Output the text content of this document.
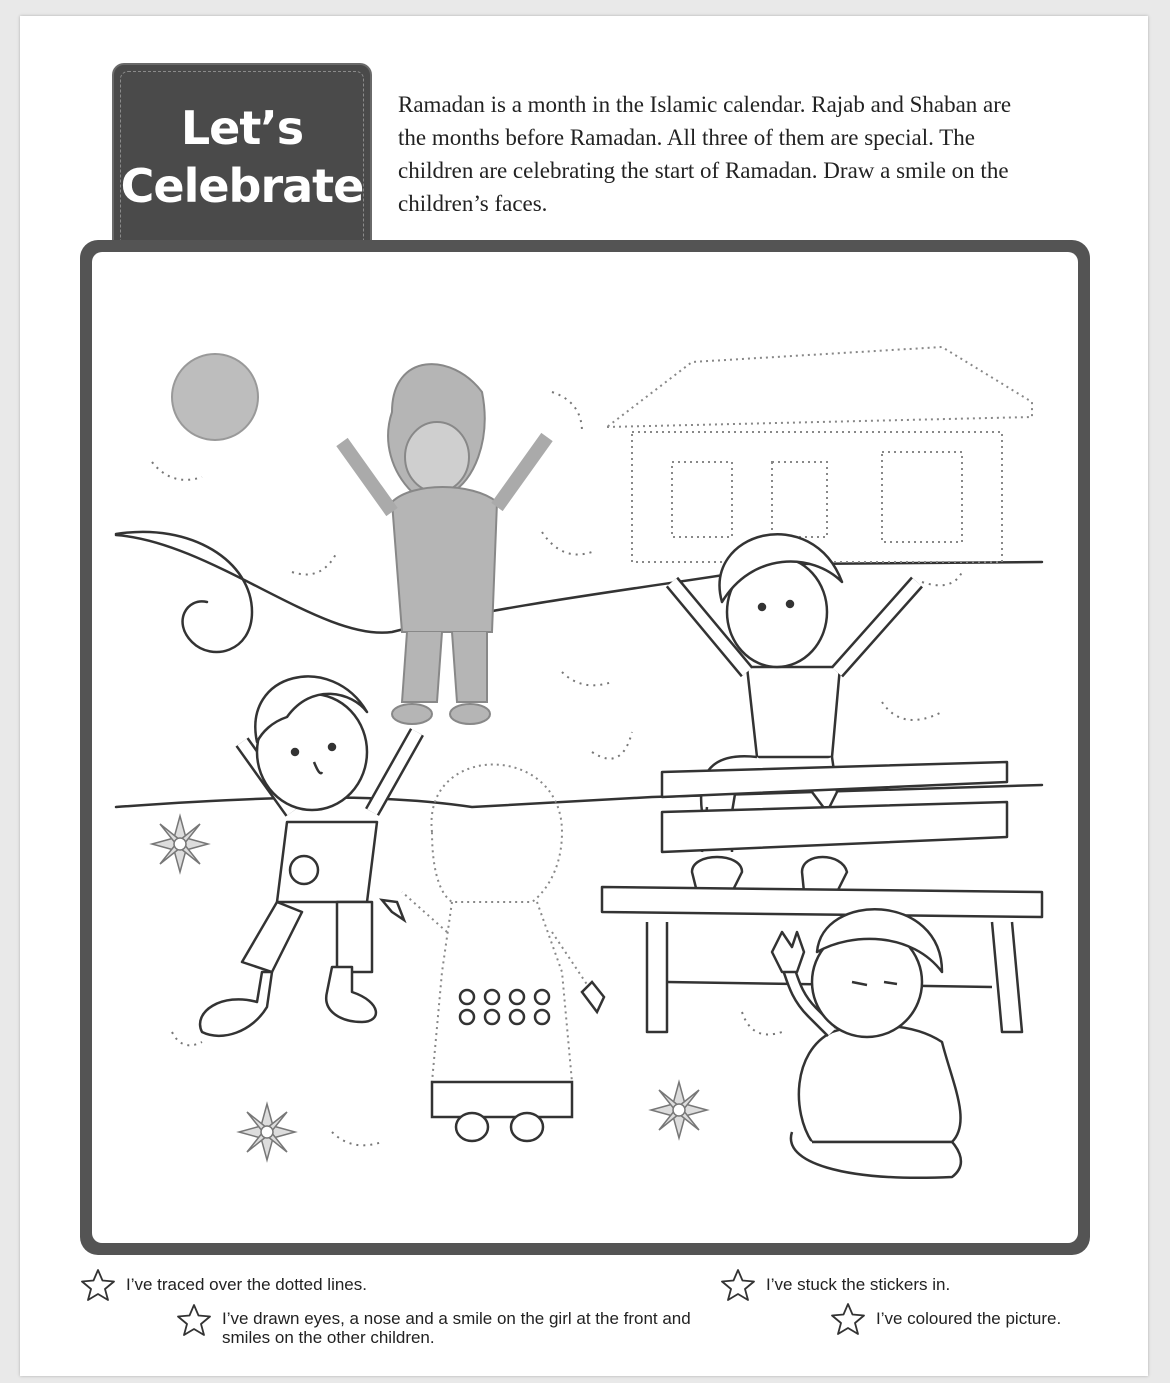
Let’s
Celebrate
Ramadan is a month in the Islamic calendar. Rajab and Shaban are the months before Ramadan. All three of them are special. The children are celebrating the start of Ramadan. Draw a smile on the children’s faces.
I’ve traced over the dotted lines.	I’ve stuck the stickers in.
I’ve drawn eyes, a nose and a smile on the girl at the front and smiles on the other children.
I’ve coloured the picture.
